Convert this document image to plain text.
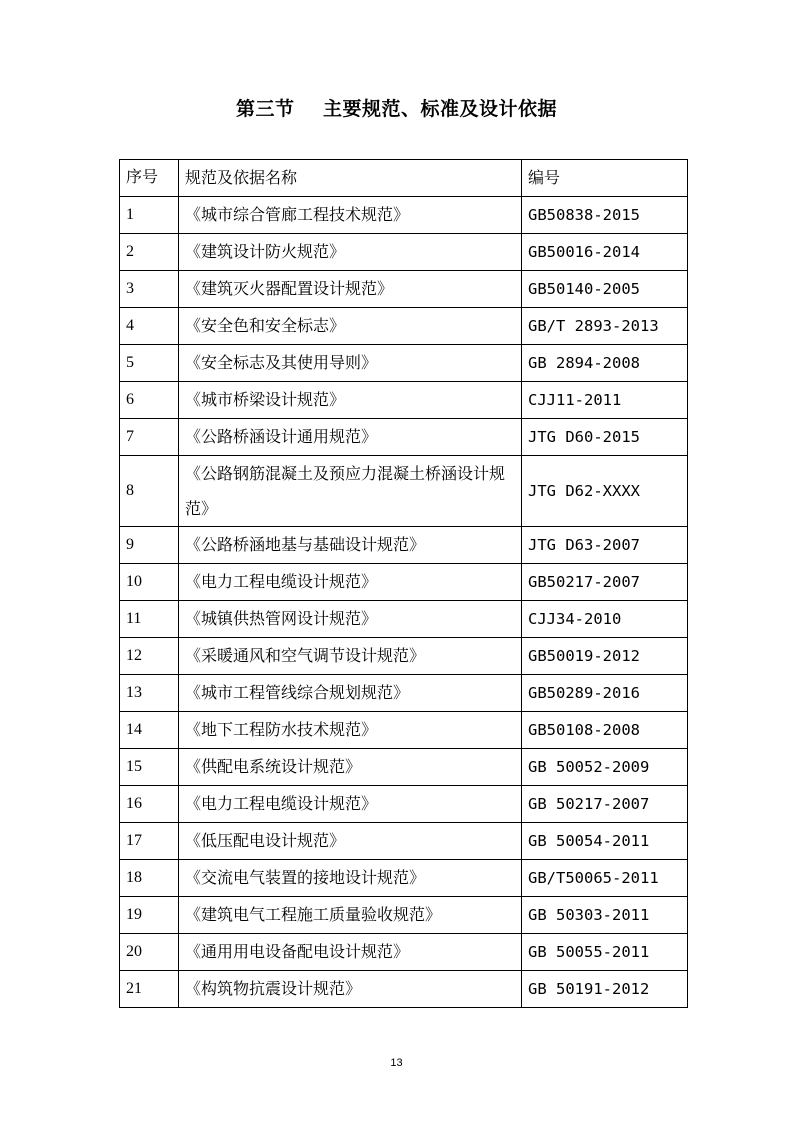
第三节    主要规范、标准及设计依据
序号	规范及依据名称	编号
1	《城市综合管廊工程技术规范》	GB50838-2015
2	《建筑设计防火规范》	GB50016-2014
3	《建筑灭火器配置设计规范》	GB50140-2005
4	《安全色和安全标志》	GB/T 2893-2013
5	《安全标志及其使用导则》	GB 2894-2008
6	《城市桥梁设计规范》	CJJ11-2011
7	《公路桥涵设计通用规范》	JTG D60-2015
8	《公路钢筋混凝土及预应力混凝土桥涵设计规范》	JTG D62-XXXX
9	《公路桥涵地基与基础设计规范》	JTG D63-2007
10	《电力工程电缆设计规范》	GB50217-2007
11	《城镇供热管网设计规范》	CJJ34-2010
12	《采暖通风和空气调节设计规范》	GB50019-2012
13	《城市工程管线综合规划规范》	GB50289-2016
14	《地下工程防水技术规范》	GB50108-2008
15	《供配电系统设计规范》	GB 50052-2009
16	《电力工程电缆设计规范》	GB 50217-2007
17	《低压配电设计规范》	GB 50054-2011
18	《交流电气装置的接地设计规范》	GB/T50065-2011
19	《建筑电气工程施工质量验收规范》	GB 50303-2011
20	《通用用电设备配电设计规范》	GB 50055-2011
21	《构筑物抗震设计规范》	GB 50191-2012
13
